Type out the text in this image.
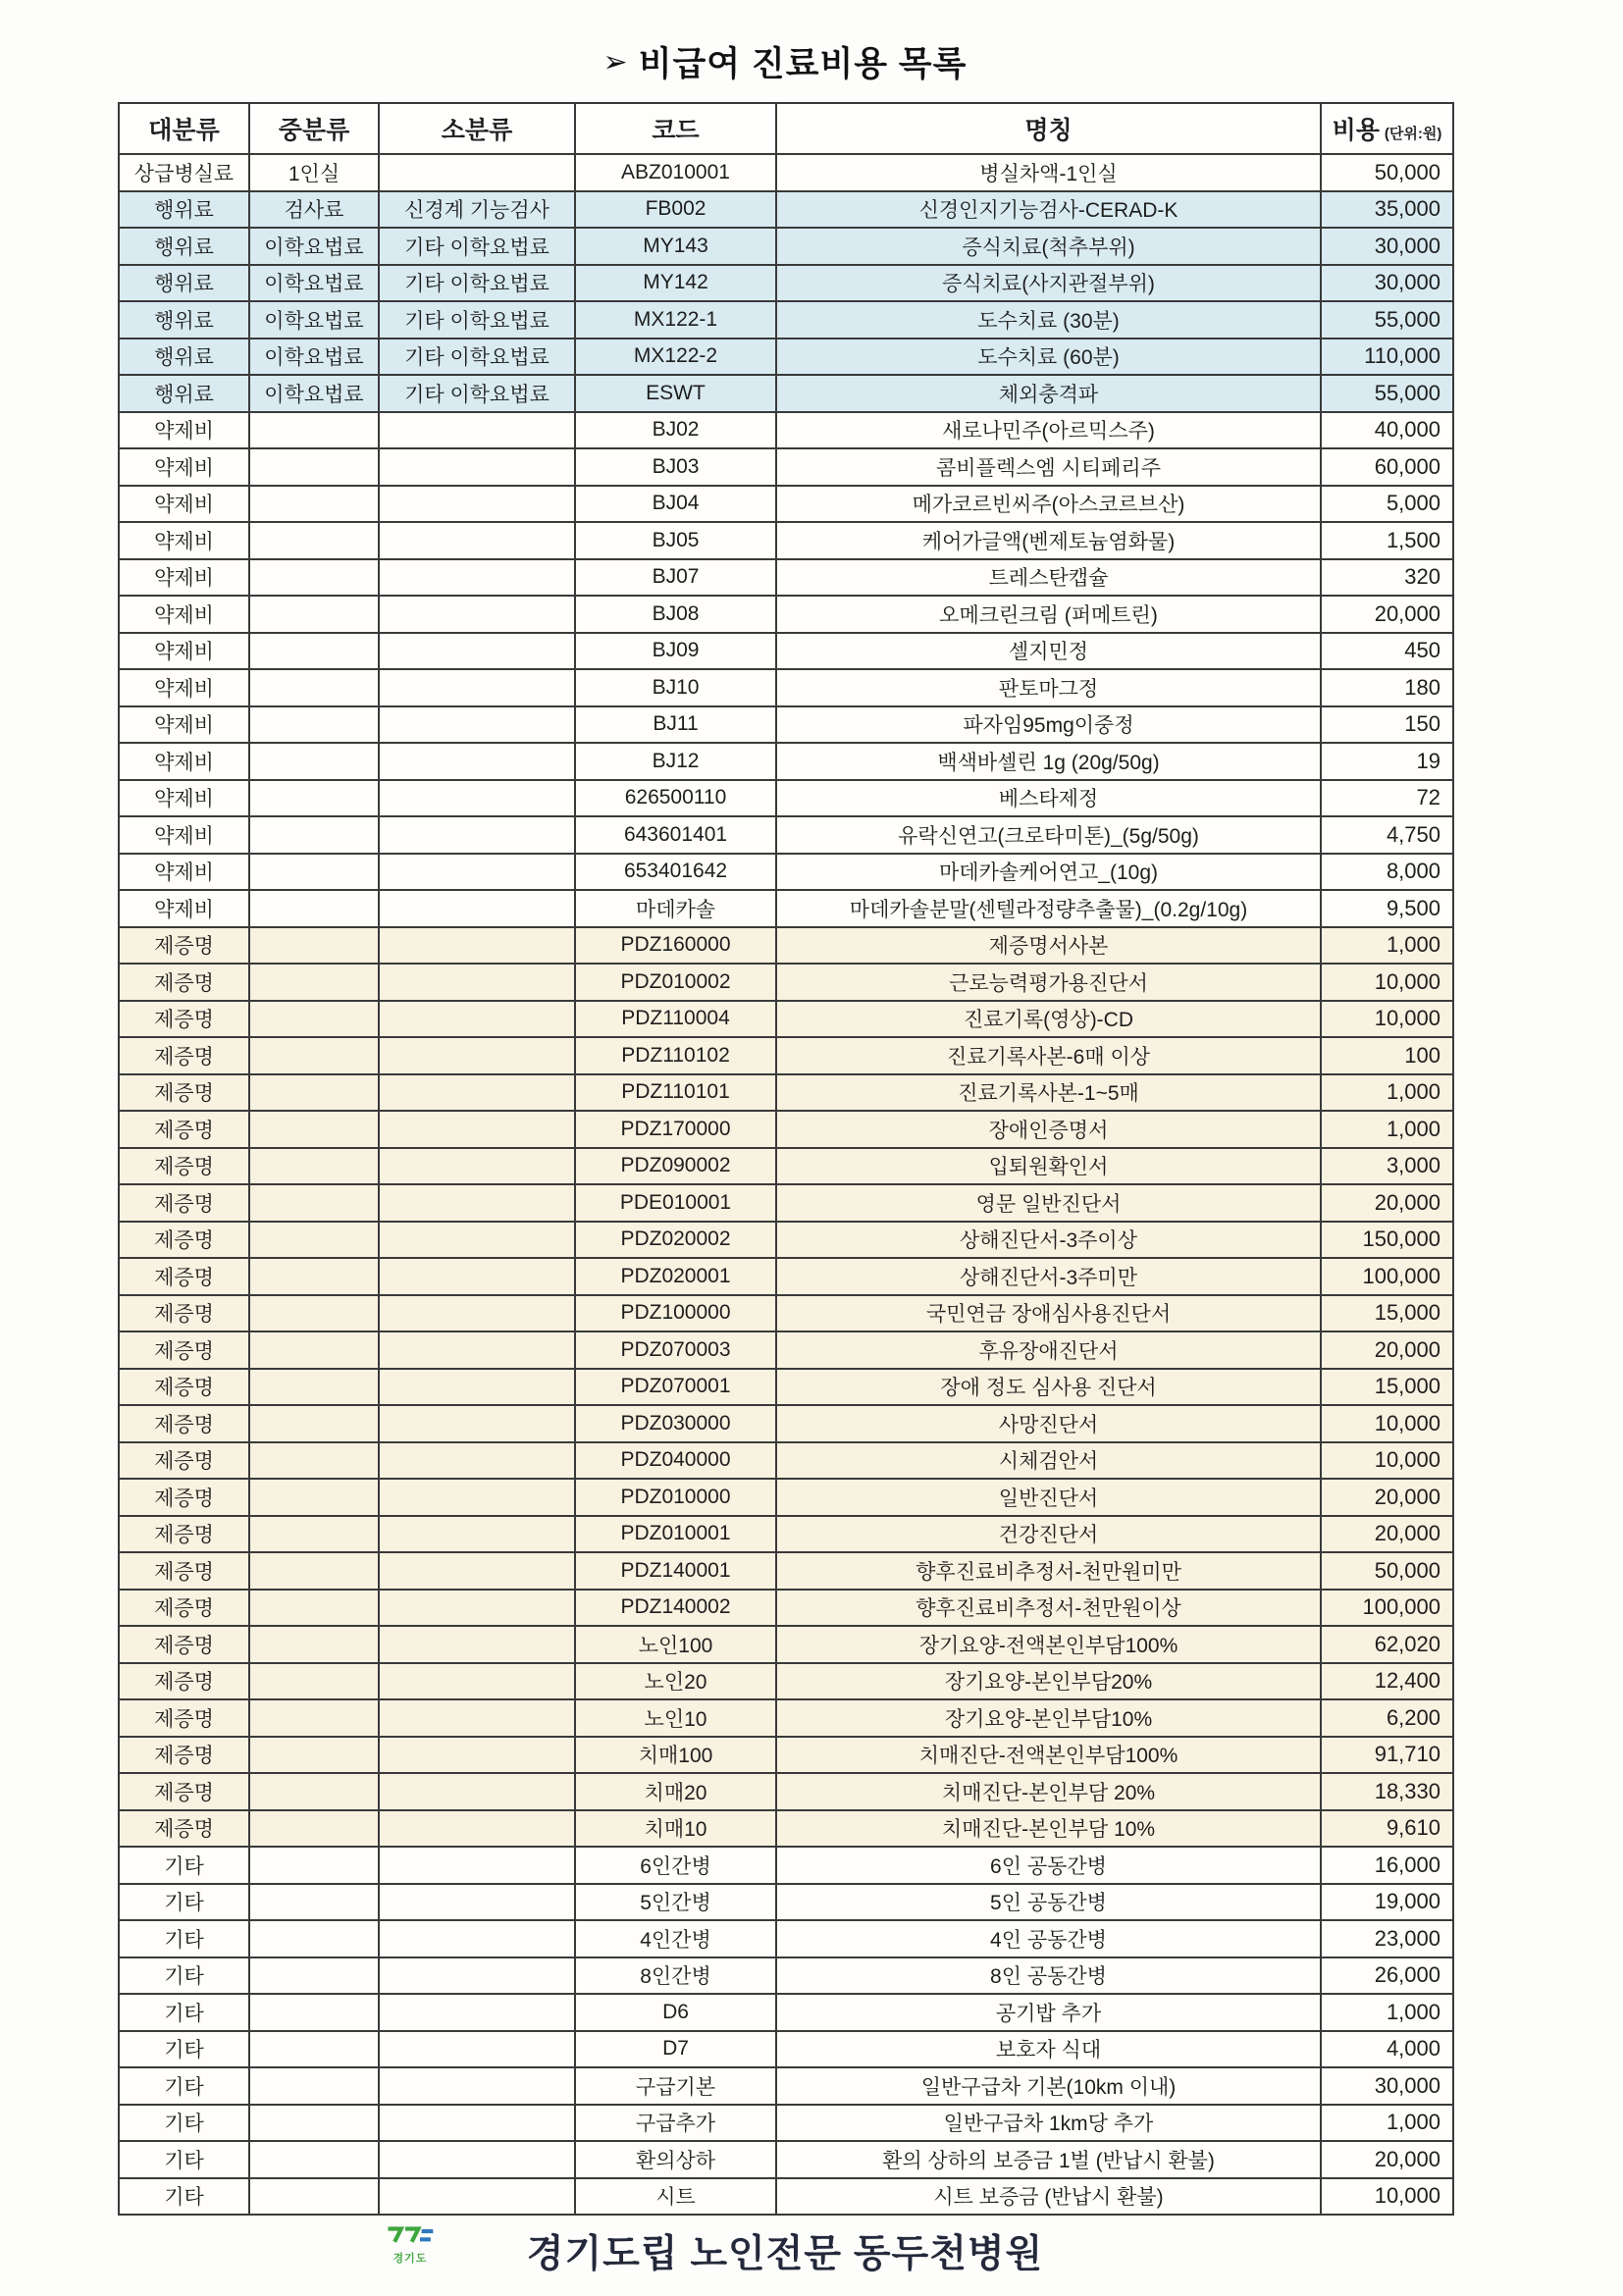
➢ 비급여 진료비용 목록
대분류	중분류	소분류	코드	명칭	비용 (단위:원)
상급병실료	1인실		ABZ010001	병실차액-1인실	50,000
행위료	검사료	신경계 기능검사	FB002	신경인지기능검사-CERAD-K	35,000
행위료	이학요법료	기타 이학요법료	MY143	증식치료(척추부위)	30,000
행위료	이학요법료	기타 이학요법료	MY142	증식치료(사지관절부위)	30,000
행위료	이학요법료	기타 이학요법료	MX122-1	도수치료 (30분)	55,000
행위료	이학요법료	기타 이학요법료	MX122-2	도수치료 (60분)	110,000
행위료	이학요법료	기타 이학요법료	ESWT	체외충격파	55,000
약제비			BJ02	새로나민주(아르믹스주)	40,000
약제비			BJ03	콤비플렉스엠 시티페리주	60,000
약제비			BJ04	메가코르빈씨주(아스코르브산)	5,000
약제비			BJ05	케어가글액(벤제토늄염화물)	1,500
약제비			BJ07	트레스탄캡슐	320
약제비			BJ08	오메크린크림 (퍼메트린)	20,000
약제비			BJ09	셀지민정	450
약제비			BJ10	판토마그정	180
약제비			BJ11	파자임95mg이중정	150
약제비			BJ12	백색바셀린 1g (20g/50g)	19
약제비			626500110	베스타제정	72
약제비			643601401	유락신연고(크로타미톤)_(5g/50g)	4,750
약제비			653401642	마데카솔케어연고_(10g)	8,000
약제비			마데카솔	마데카솔분말(센텔라정량추출물)_(0.2g/10g)	9,500
제증명			PDZ160000	제증명서사본	1,000
제증명			PDZ010002	근로능력평가용진단서	10,000
제증명			PDZ110004	진료기록(영상)-CD	10,000
제증명			PDZ110102	진료기록사본-6매 이상	100
제증명			PDZ110101	진료기록사본-1~5매	1,000
제증명			PDZ170000	장애인증명서	1,000
제증명			PDZ090002	입퇴원확인서	3,000
제증명			PDE010001	영문 일반진단서	20,000
제증명			PDZ020002	상해진단서-3주이상	150,000
제증명			PDZ020001	상해진단서-3주미만	100,000
제증명			PDZ100000	국민연금 장애심사용진단서	15,000
제증명			PDZ070003	후유장애진단서	20,000
제증명			PDZ070001	장애 정도 심사용 진단서	15,000
제증명			PDZ030000	사망진단서	10,000
제증명			PDZ040000	시체검안서	10,000
제증명			PDZ010000	일반진단서	20,000
제증명			PDZ010001	건강진단서	20,000
제증명			PDZ140001	향후진료비추정서-천만원미만	50,000
제증명			PDZ140002	향후진료비추정서-천만원이상	100,000
제증명			노인100	장기요양-전액본인부담100%	62,020
제증명			노인20	장기요양-본인부담20%	12,400
제증명			노인10	장기요양-본인부담10%	6,200
제증명			치매100	치매진단-전액본인부담100%	91,710
제증명			치매20	치매진단-본인부담 20%	18,330
제증명			치매10	치매진단-본인부담 10%	9,610
기타			6인간병	6인 공동간병	16,000
기타			5인간병	5인 공동간병	19,000
기타			4인간병	4인 공동간병	23,000
기타			8인간병	8인 공동간병	26,000
기타			D6	공기밥 추가	1,000
기타			D7	보호자 식대	4,000
기타			구급기본	일반구급차 기본(10km 이내)	30,000
기타			구급추가	일반구급차 1km당 추가	1,000
기타			환의상하	환의 상하의 보증금 1벌 (반납시 환불)	20,000
기타			시트	시트 보증금 (반납시 환불)	10,000
경기도	경기도립 노인전문 동두천병원
